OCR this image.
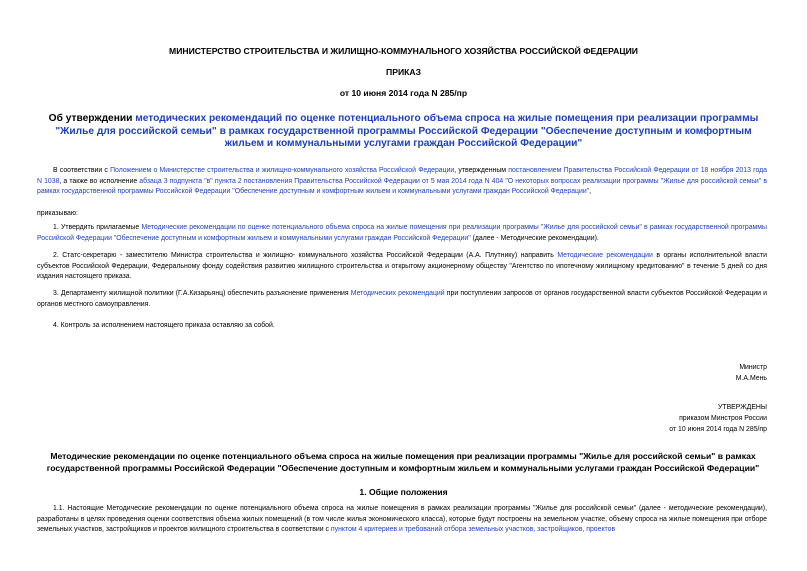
МИНИСТЕРСТВО СТРОИТЕЛЬСТВА И ЖИЛИЩНО-КОММУНАЛЬНОГО ХОЗЯЙСТВА РОССИЙСКОЙ ФЕДЕРАЦИИ
ПРИКАЗ
от 10 июня 2014 года N 285/пр
Об утверждении методических рекомендаций по оценке потенциального объема спроса на жилые помещения при реализации программы "Жилье для российской семьи" в рамках государственной программы Российской Федерации "Обеспечение доступным и комфортным жильем и коммунальными услугами граждан Российской Федерации"
В соответствии с Положением о Министерстве строительства и жилищно-коммунального хозяйства Российской Федерации, утвержденным постановлением Правительства Российской Федерации от 18 ноября 2013 года N 1038, а также во исполнение абзаца 3 подпункта "в" пункта 2 постановления Правительства Российской Федерации от 5 мая 2014 года N 404 "О некоторых вопросах реализации программы "Жилье для российской семьи" в рамках государственной программы Российской Федерации "Обеспечение доступным и комфортным жильем и коммунальными услугами граждан Российской Федерации",
приказываю:
1. Утвердить прилагаемые Методические рекомендации по оценке потенциального объема спроса на жилые помещения при реализации программы "Жилье для российской семьи" в рамках государственной программы Российской Федерации "Обеспечение доступным и комфортным жильем и коммунальными услугами граждан Российской Федерации" (далее - Методические рекомендации).
2. Статс-секретарю - заместителю Министра строительства и жилищно- коммунального хозяйства Российской Федерации (А.А. Плутнику) направить Методические рекомендации в органы исполнительной власти субъектов Российской Федерации, Федеральному фонду содействия развитию жилищного строительства и открытому акционерному обществу "Агентство по ипотечному жилищному кредитованию" в течение 5 дней со дня издания настоящего приказа.
3. Департаменту жилищной политики (Г.А.Кизарьянц) обеспечить разъяснение применения Методических рекомендаций при поступлении запросов от органов государственной власти субъектов Российской Федерации и органов местного самоуправления.
4. Контроль за исполнением настоящего приказа оставляю за собой.
Министр
М.А.Мень
УТВЕРЖДЕНЫ
приказом Минстроя России
от 10 июня 2014 года N 285/пр
Методические рекомендации по оценке потенциального объема спроса на жилые помещения при реализации программы "Жилье для российской семьи" в рамках государственной программы Российской Федерации "Обеспечение доступным и комфортным жильем и коммунальными услугами граждан Российской Федерации"
1. Общие положения
1.1. Настоящие Методические рекомендации по оценке потенциального объема спроса на жилые помещения в рамках реализации программы "Жилье для российской семьи" (далее - методические рекомендации), разработаны в целях проведения оценки соответствия объема жилых помещений (в том числе жилья экономического класса), которые будут построены на земельном участке, объему спроса на жилые помещения при отборе земельных участков, застройщиков и проектов жилищного строительства в соответствии с пунктом 4 критериев и требований отбора земельных участков, застройщиков, проектов
